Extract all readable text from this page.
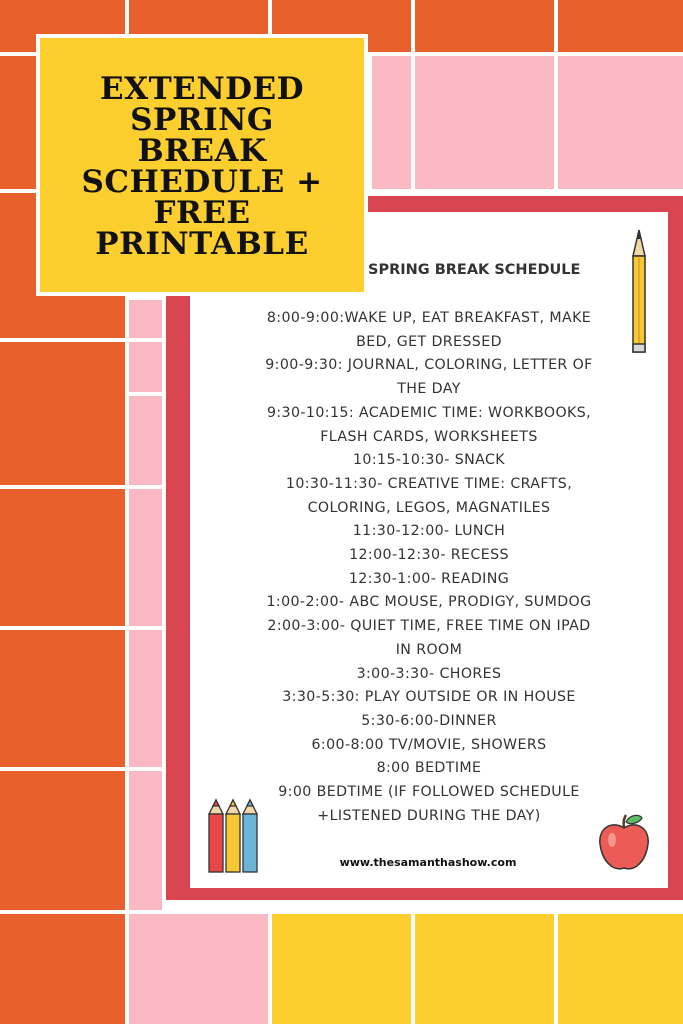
EXTENDED
SPRING
BREAK
SCHEDULE +
FREE
PRINTABLE
SPRING BREAK SCHEDULE
8:00-9:00:WAKE UP, EAT BREAKFAST, MAKE
BED, GET DRESSED
9:00-9:30: JOURNAL, COLORING, LETTER OF
THE DAY
9:30-10:15: ACADEMIC TIME: WORKBOOKS,
FLASH CARDS, WORKSHEETS
10:15-10:30- SNACK
10:30-11:30- CREATIVE TIME: CRAFTS,
COLORING, LEGOS, MAGNATILES
11:30-12:00- LUNCH
12:00-12:30- RECESS
12:30-1:00- READING
1:00-2:00- ABC MOUSE, PRODIGY, SUMDOG
2:00-3:00- QUIET TIME, FREE TIME ON IPAD
IN ROOM
3:00-3:30- CHORES
3:30-5:30: PLAY OUTSIDE OR IN HOUSE
5:30-6:00-DINNER
6:00-8:00 TV/MOVIE, SHOWERS
8:00 BEDTIME
9:00 BEDTIME (IF FOLLOWED SCHEDULE
+LISTENED DURING THE DAY)
www.thesamanthashow.com
